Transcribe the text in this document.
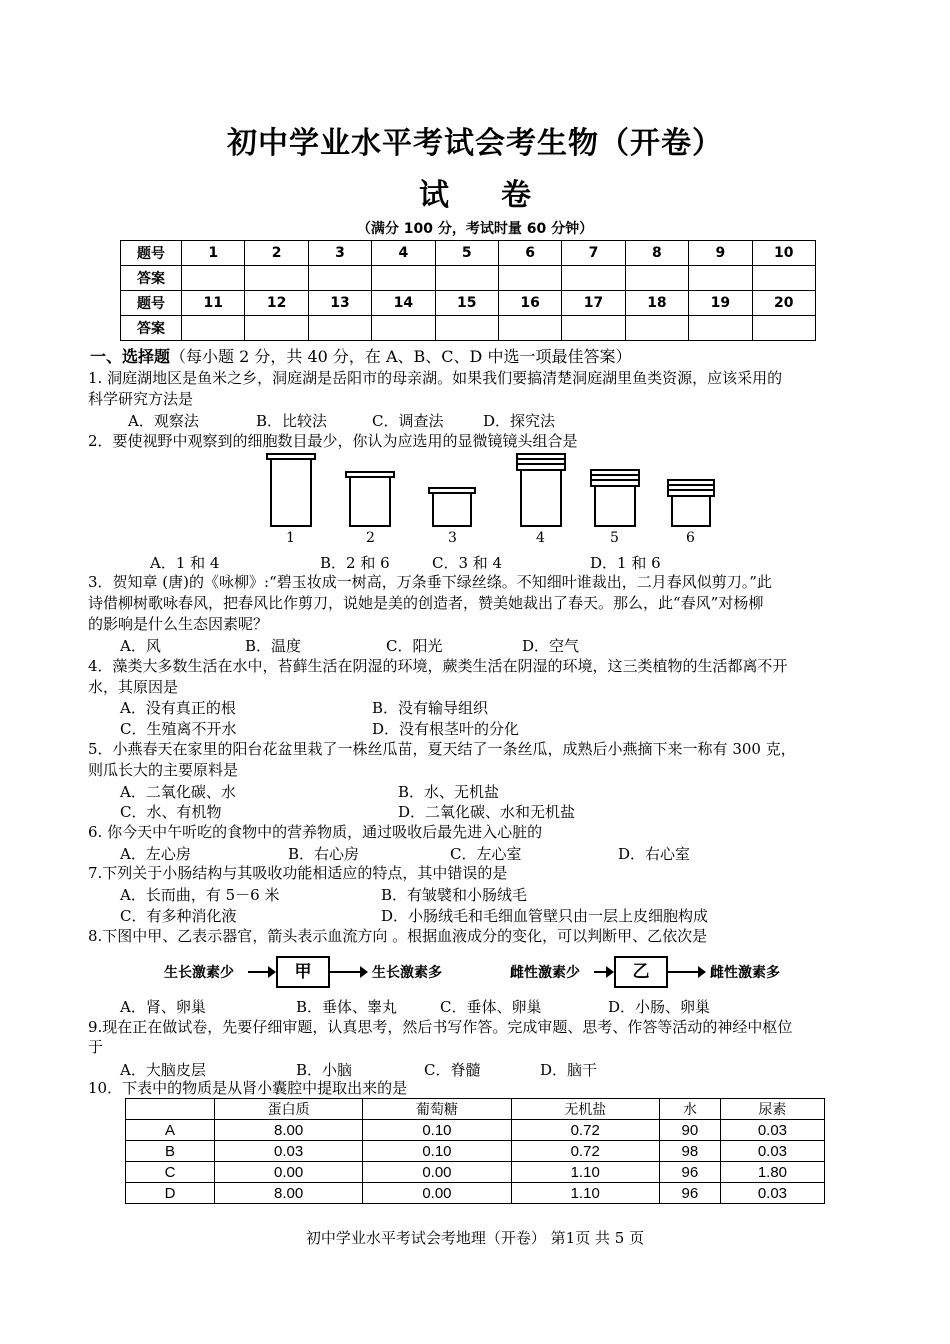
初中学业水平考试会考生物（开卷）
试 卷
（满分 100 分，考试时量 60 分钟）
题号	1	2	3	4	5	6	7	8	9	10
答案										
题号	11	12	13	14	15	16	17	18	19	20
答案										
一、选择题（每小题 2 分，共 40 分，在 A、B、C、D 中选一项最佳答案）
1. 洞庭湖地区是鱼米之乡，洞庭湖是岳阳市的母亲湖。如果我们要搞清楚洞庭湖里鱼类资源，应该采用的
科学研究方法是
A．观察法	B．比较法	C．调查法	D．探究法
2．要使视野中观察到的细胞数目最少，你认为应选用的显微镜镜头组合是
1	2	3	4	5	6
A．1 和 4	B．2 和 6	C．3 和 4	D．1 和 6
3．贺知章 (唐)的《咏柳》:“碧玉妆成一树高，万条垂下绿丝绦。不知细叶谁裁出，二月春风似剪刀。”此
诗借柳树歌咏春风，把春风比作剪刀，说她是美的创造者，赞美她裁出了春天。那么，此“春风”对杨柳
的影响是什么生态因素呢？
A．风	B．温度	C．阳光	D．空气
4．藻类大多数生活在水中，苔藓生活在阴湿的环境，蕨类生活在阴湿的环境，这三类植物的生活都离不开
水，其原因是
A．没有真正的根	B．没有输导组织
C．生殖离不开水	D．没有根茎叶的分化
5．小燕春天在家里的阳台花盆里栽了一株丝瓜苗，夏天结了一条丝瓜，成熟后小燕摘下来一称有 300 克，
则瓜长大的主要原料是
A．二氧化碳、水	B．水、无机盐
C．水、有机物	D．二氧化碳、水和无机盐
6. 你今天中午听吃的食物中的营养物质，通过吸收后最先进入心脏的
A．左心房	B．右心房	C．左心室	D．右心室
7.下列关于小肠结构与其吸收功能相适应的特点，其中错误的是
A．长而曲，有 5－6 米	B．有皱襞和小肠绒毛
C．有多种消化液	D．小肠绒毛和毛细血管壁只由一层上皮细胞构成
8.下图中甲、乙表示器官，箭头表示血流方向 。根据血液成分的变化，可以判断甲、乙依次是
生长激素少	甲	生长激素多	雌性激素少	乙	雌性激素多
A．肾、卵巢	B．垂体、睾丸	C．垂体、卵巢	D．小肠、卵巢
9.现在正在做试卷，先要仔细审题，认真思考，然后书写作答。完成审题、思考、作答等活动的神经中枢位
于
A．大脑皮层	B．小脑	C．脊髓	D．脑干
10．下表中的物质是从肾小囊腔中提取出来的是
	蛋白质	葡萄糖	无机盐	水	尿素
A	8.00	0.10	0.72	90	0.03
B	0.03	0.10	0.72	98	0.03
C	0.00	0.00	1.10	96	1.80
D	8.00	0.00	1.10	96	0.03
初中学业水平考试会考地理（开卷） 第1页 共 5 页
